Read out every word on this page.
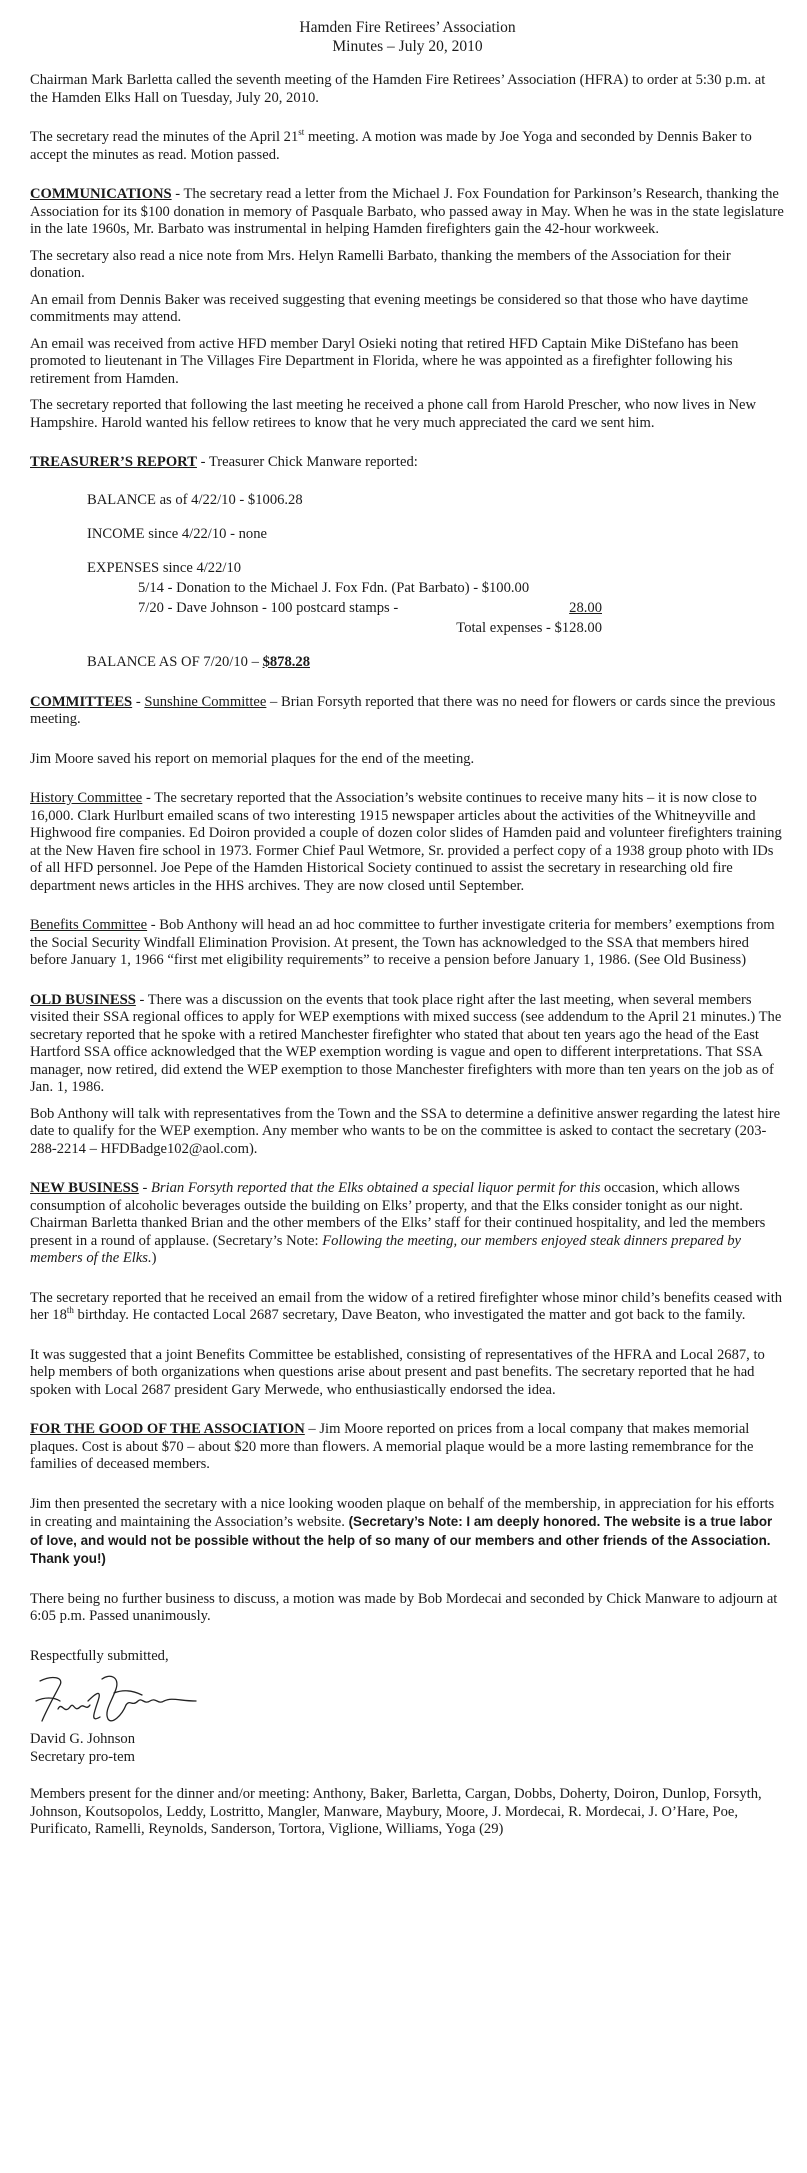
Hamden Fire Retirees’ Association
Minutes – July 20, 2010

Chairman Mark Barletta called the seventh meeting of the Hamden Fire Retirees’ Association (HFRA) to order at 5:30 p.m. at the Hamden Elks Hall on Tuesday, July 20, 2010.

The secretary read the minutes of the April 21st meeting. A motion was made by Joe Yoga and seconded by Dennis Baker to accept the minutes as read. Motion passed.

COMMUNICATIONS - The secretary read a letter from the Michael J. Fox Foundation for Parkinson’s Research, thanking the Association for its $100 donation in memory of Pasquale Barbato, who passed away in May. When he was in the state legislature in the late 1960s, Mr. Barbato was instrumental in helping Hamden firefighters gain the 42-hour workweek.

The secretary also read a nice note from Mrs. Helyn Ramelli Barbato, thanking the members of the Association for their donation.

An email from Dennis Baker was received suggesting that evening meetings be considered so that those who have daytime commitments may attend.

An email was received from active HFD member Daryl Osieki noting that retired HFD Captain Mike DiStefano has been promoted to lieutenant in The Villages Fire Department in Florida, where he was appointed as a firefighter following his retirement from Hamden.

The secretary reported that following the last meeting he received a phone call from Harold Prescher, who now lives in New Hampshire. Harold wanted his fellow retirees to know that he very much appreciated the card we sent him.

TREASURER’S REPORT - Treasurer Chick Manware reported:

BALANCE as of 4/22/10 - $1006.28
INCOME since 4/22/10 - none
EXPENSES since 4/22/10
5/14 - Donation to the Michael J. Fox Fdn. (Pat Barbato) - $100.00
7/20 - Dave Johnson - 100 postcard stamps -	28.00
Total expenses - $128.00
BALANCE AS OF 7/20/10 – $878.28

COMMITTEES - Sunshine Committee – Brian Forsyth reported that there was no need for flowers or cards since the previous meeting.

Jim Moore saved his report on memorial plaques for the end of the meeting.

History Committee - The secretary reported that the Association’s website continues to receive many hits – it is now close to 16,000. Clark Hurlburt emailed scans of two interesting 1915 newspaper articles about the activities of the Whitneyville and Highwood fire companies. Ed Doiron provided a couple of dozen color slides of Hamden paid and volunteer firefighters training at the New Haven fire school in 1973. Former Chief Paul Wetmore, Sr. provided a perfect copy of a 1938 group photo with IDs of all HFD personnel. Joe Pepe of the Hamden Historical Society continued to assist the secretary in researching old fire department news articles in the HHS archives. They are now closed until September.

Benefits Committee - Bob Anthony will head an ad hoc committee to further investigate criteria for members’ exemptions from the Social Security Windfall Elimination Provision. At present, the Town has acknowledged to the SSA that members hired before January 1, 1966 “first met eligibility requirements” to receive a pension before January 1, 1986. (See Old Business)

OLD BUSINESS - There was a discussion on the events that took place right after the last meeting, when several members visited their SSA regional offices to apply for WEP exemptions with mixed success (see addendum to the April 21 minutes.) The secretary reported that he spoke with a retired Manchester firefighter who stated that about ten years ago the head of the East Hartford SSA office acknowledged that the WEP exemption wording is vague and open to different interpretations. That SSA manager, now retired, did extend the WEP exemption to those Manchester firefighters with more than ten years on the job as of Jan. 1, 1986.

Bob Anthony will talk with representatives from the Town and the SSA to determine a definitive answer regarding the latest hire date to qualify for the WEP exemption. Any member who wants to be on the committee is asked to contact the secretary (203-288-2214 – HFDBadge102@aol.com).

NEW BUSINESS - Brian Forsyth reported that the Elks obtained a special liquor permit for this occasion, which allows consumption of alcoholic beverages outside the building on Elks’ property, and that the Elks consider tonight as our night. Chairman Barletta thanked Brian and the other members of the Elks’ staff for their continued hospitality, and led the members present in a round of applause. (Secretary’s Note: Following the meeting, our members enjoyed steak dinners prepared by members of the Elks.)

The secretary reported that he received an email from the widow of a retired firefighter whose minor child’s benefits ceased with her 18th birthday. He contacted Local 2687 secretary, Dave Beaton, who investigated the matter and got back to the family.

It was suggested that a joint Benefits Committee be established, consisting of representatives of the HFRA and Local 2687, to help members of both organizations when questions arise about present and past benefits. The secretary reported that he had spoken with Local 2687 president Gary Merwede, who enthusiastically endorsed the idea.

FOR THE GOOD OF THE ASSOCIATION – Jim Moore reported on prices from a local company that makes memorial plaques. Cost is about $70 – about $20 more than flowers. A memorial plaque would be a more lasting remembrance for the families of deceased members.

Jim then presented the secretary with a nice looking wooden plaque on behalf of the membership, in appreciation for his efforts in creating and maintaining the Association’s website. (Secretary’s Note: I am deeply honored. The website is a true labor of love, and would not be possible without the help of so many of our members and other friends of the Association. Thank you!)

There being no further business to discuss, a motion was made by Bob Mordecai and seconded by Chick Manware to adjourn at 6:05 p.m. Passed unanimously.

Respectfully submitted,

David G. Johnson

Secretary pro-tem

Members present for the dinner and/or meeting: Anthony, Baker, Barletta, Cargan, Dobbs, Doherty, Doiron, Dunlop, Forsyth, Johnson, Koutsopolos, Leddy, Lostritto, Mangler, Manware, Maybury, Moore, J. Mordecai, R. Mordecai, J. O’Hare, Poe, Purificato, Ramelli, Reynolds, Sanderson, Tortora, Viglione, Williams, Yoga (29)
